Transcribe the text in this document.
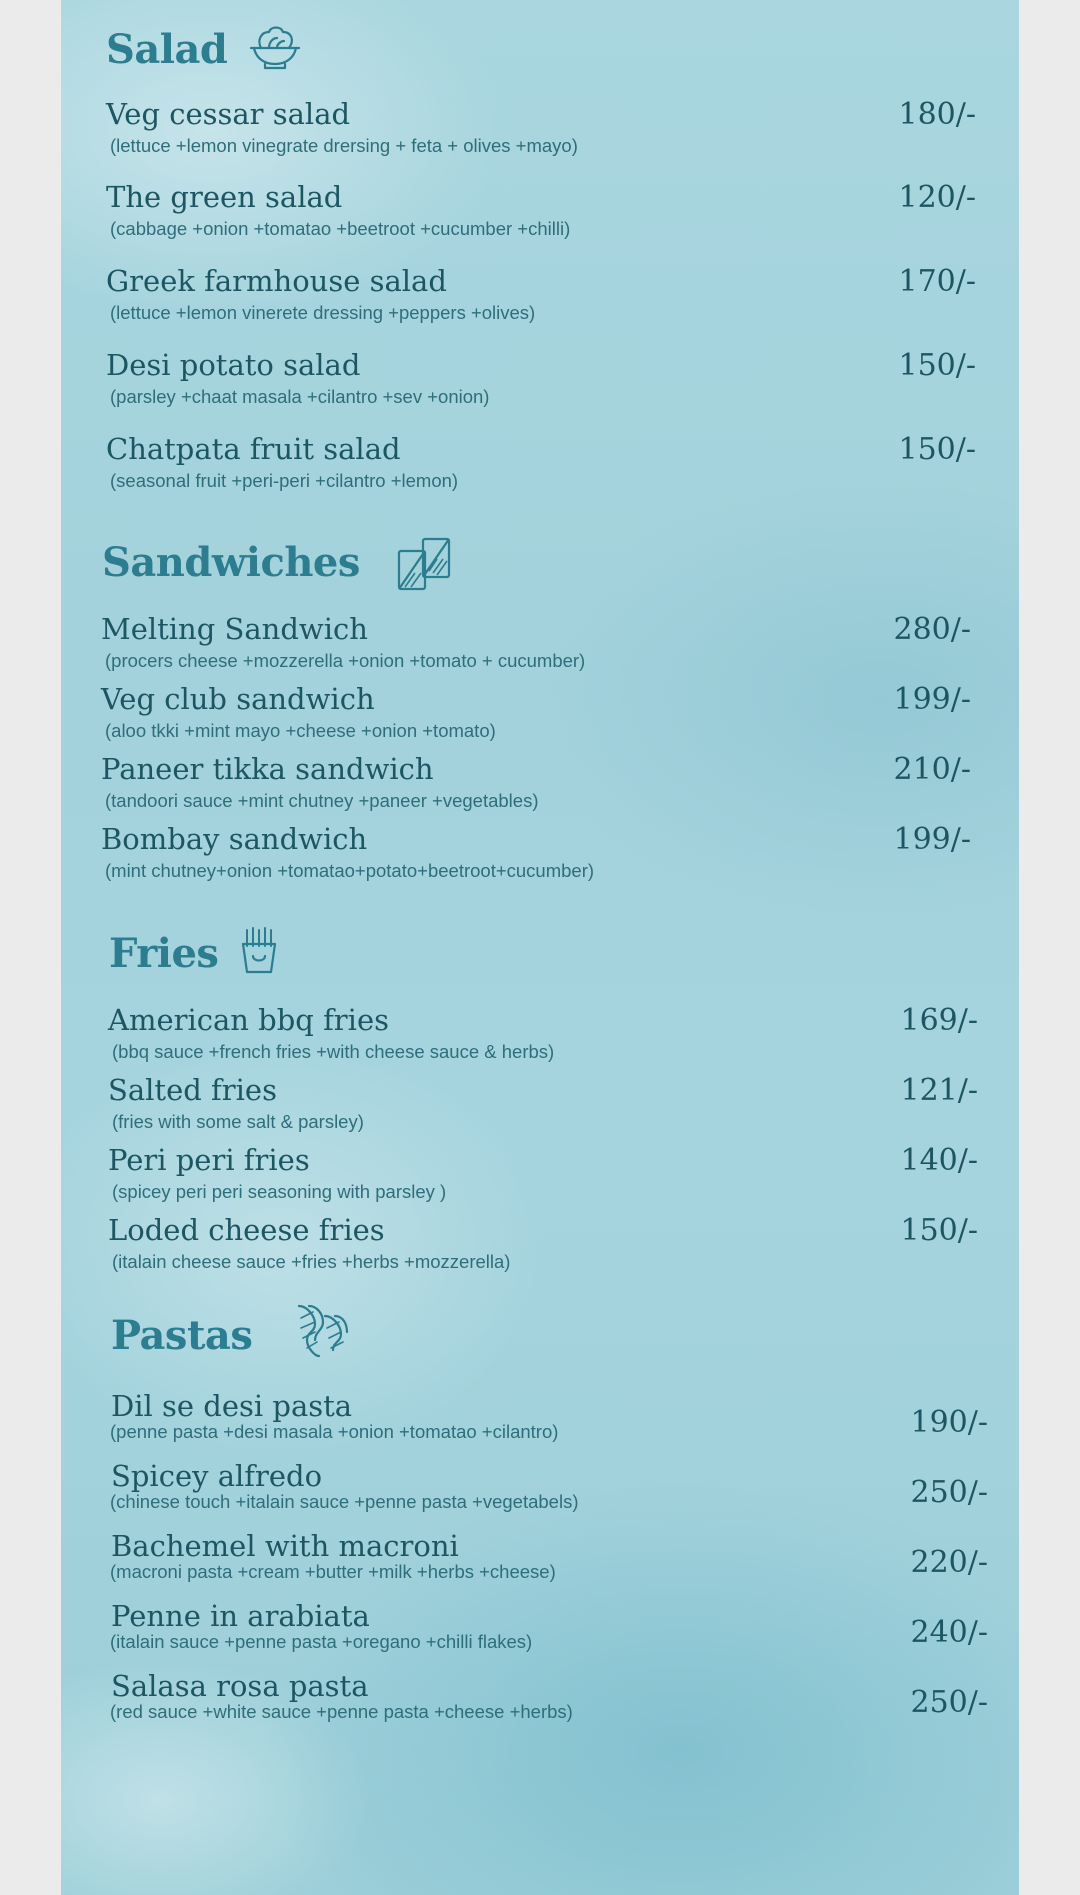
Salad
Veg cessar salad
(lettuce +lemon vinegrate drersing + feta + olives +mayo)
180/-
The green salad
(cabbage +onion +tomatao +beetroot +cucumber +chilli)
120/-
Greek farmhouse salad
(lettuce +lemon vinerete dressing +peppers +olives)
170/-
Desi potato salad
(parsley +chaat masala +cilantro +sev +onion)
150/-
Chatpata fruit salad
(seasonal fruit +peri-peri +cilantro +lemon)
150/-
Sandwiches
Melting Sandwich
(procers cheese +mozzerella +onion +tomato + cucumber)
280/-
Veg club sandwich
(aloo tkki +mint mayo +cheese +onion +tomato)
199/-
Paneer tikka sandwich
(tandoori sauce +mint chutney +paneer +vegetables)
210/-
Bombay sandwich
(mint chutney+onion +tomatao+potato+beetroot+cucumber)
199/-
Fries
American bbq fries
(bbq sauce +french fries +with cheese sauce & herbs)
169/-
Salted fries
(fries with some salt & parsley)
121/-
Peri peri fries
(spicey peri peri seasoning with parsley )
140/-
Loded cheese fries
(italain cheese sauce +fries +herbs +mozzerella)
150/-
Pastas
Dil se desi pasta
(penne pasta +desi masala +onion +tomatao +cilantro)	190/-
Spicey alfredo
(chinese touch +italain sauce +penne pasta +vegetabels)	250/-
Bachemel with macroni
(macroni pasta +cream +butter +milk +herbs +cheese)	220/-
Penne in arabiata
(italain sauce +penne pasta +oregano +chilli flakes)	240/-
Salasa rosa pasta
(red sauce +white sauce +penne pasta +cheese +herbs)	250/-
